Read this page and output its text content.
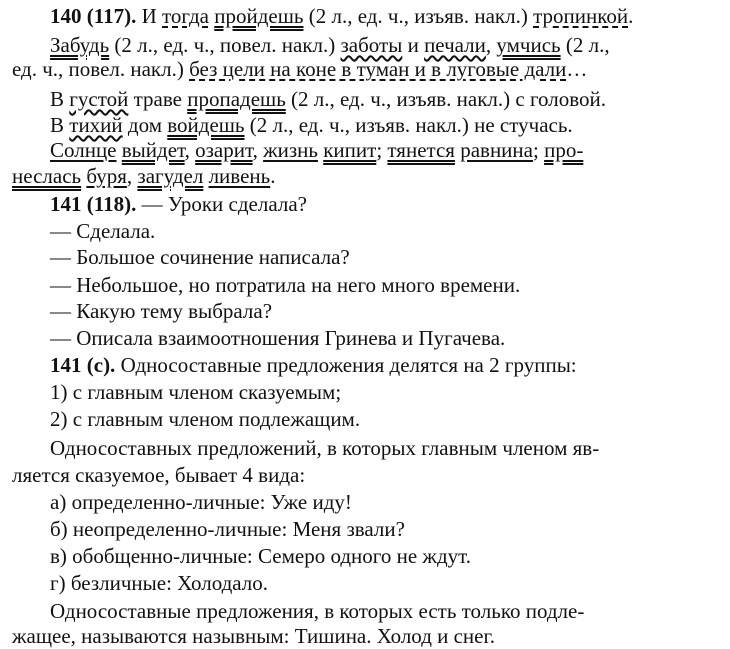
140 (117). И тогда пройдешь (2 л., ед. ч., изъяв. накл.) тропинкой.
Забудь (2 л., ед. ч., повел. накл.) заботы и печали, умчись (2 л.,
ед. ч., повел. накл.) без цели на коне в туман и в луговые дали…
В густой траве пропадешь (2 л., ед. ч., изъяв. накл.) с головой.
В тихий дом войдешь (2 л., ед. ч., изъяв. накл.) не стучась.
Солнце выйдет, озарит, жизнь кипит; тянется равнина; про-
неслась буря, загудел ливень.
141 (118). — Уроки сделала?
— Сделала.
— Большое сочинение написала?
— Небольшое, но потратила на него много времени.
— Какую тему выбрала?
— Описала взаимоотношения Гринева и Пугачева.
141 (с). Односоставные предложения делятся на 2 группы:
1) с главным членом сказуемым;
2) с главным членом подлежащим.
Односоставных предложений, в которых главным членом яв-
ляется сказуемое, бывает 4 вида:
а) определенно-личные: Уже иду!
б) неопределенно-личные: Меня звали?
в) обобщенно-личные: Семеро одного не ждут.
г) безличные: Холодало.
Односоставные предложения, в которых есть только подле-
жащее, называются назывным: Тишина. Холод и снег.
